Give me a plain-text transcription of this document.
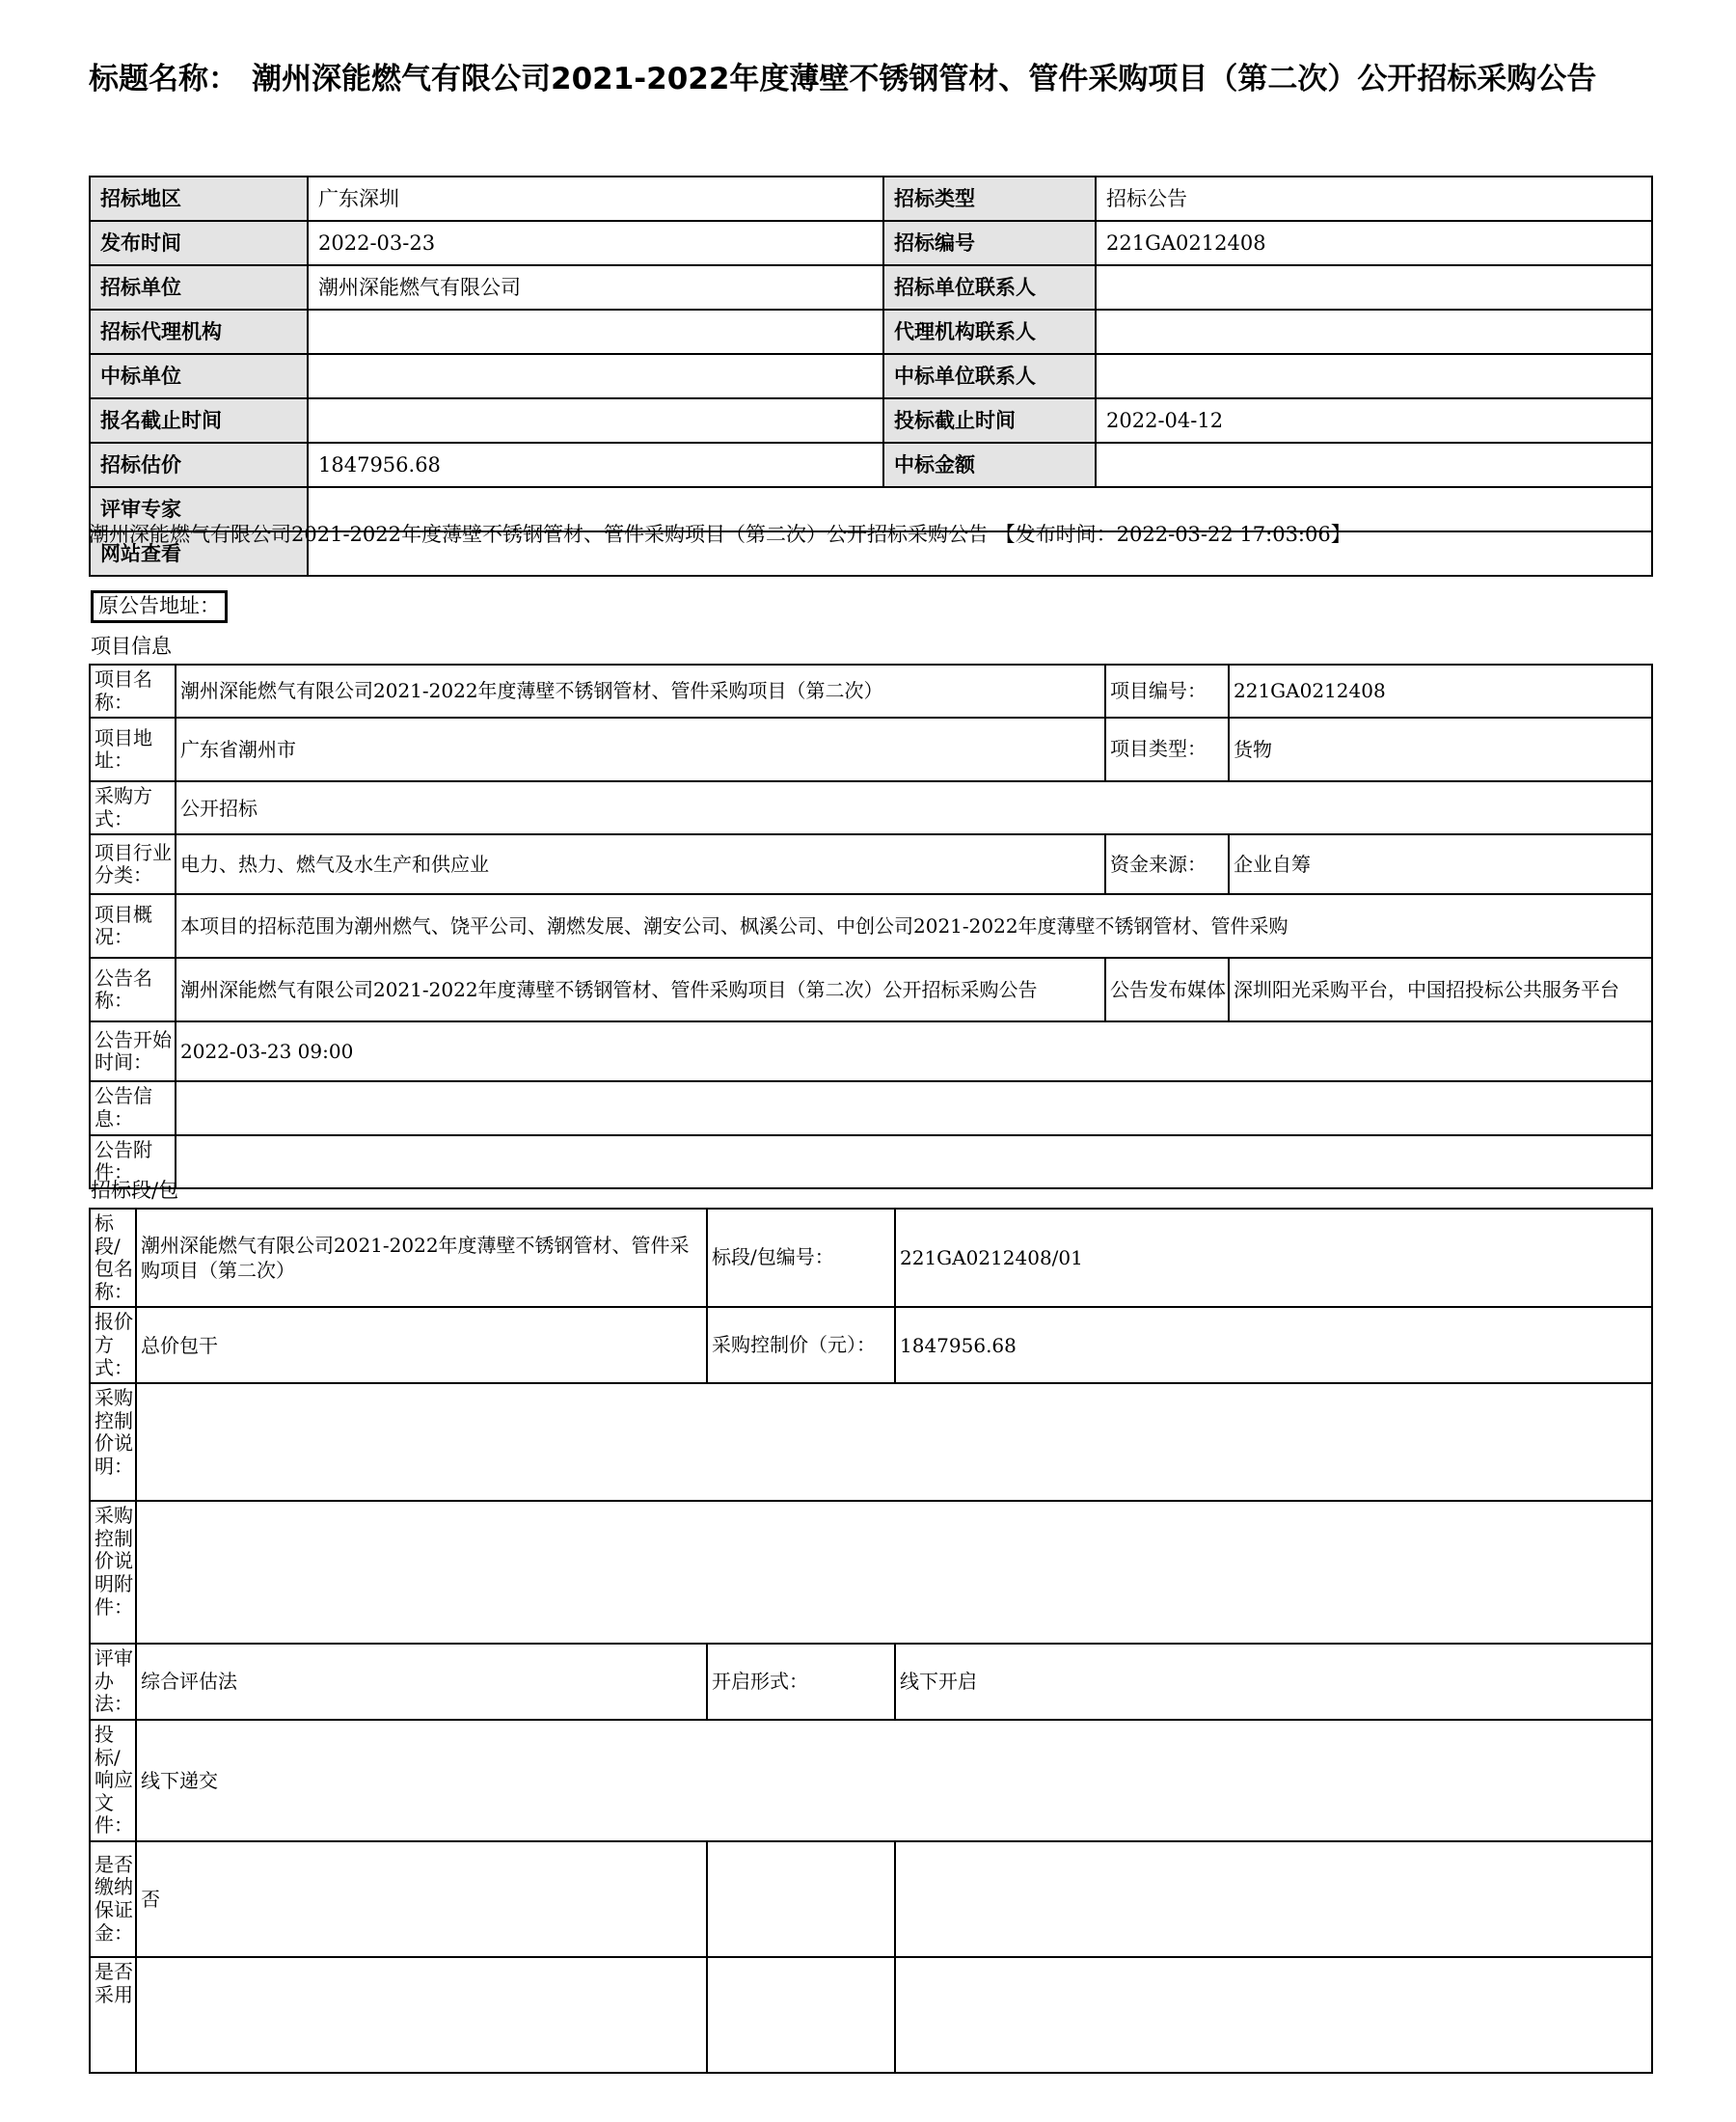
标题名称： 潮州深能燃气有限公司2021-2022年度薄壁不锈钢管材、管件采购项目（第二次）公开招标采购公告
招标地区	广东深圳	招标类型	招标公告
发布时间	2022-03-23	招标编号	221GA0212408
招标单位	潮州深能燃气有限公司	招标单位联系人	
招标代理机构		代理机构联系人	
中标单位		中标单位联系人	
报名截止时间		投标截止时间	2022-04-12
招标估价	1847956.68	中标金额	
评审专家			
网站查看			
潮州深能燃气有限公司2021-2022年度薄壁不锈钢管材、管件采购项目（第二次）公开招标采购公告 【发布时间：2022-03-22 17:03:06】
原公告地址：
项目信息
项目名称：	潮州深能燃气有限公司2021-2022年度薄壁不锈钢管材、管件采购项目（第二次）	项目编号：	221GA0212408
项目地址：	广东省潮州市	项目类型：	货物
采购方式：	公开招标		
项目行业分类：	电力、热力、燃气及水生产和供应业	资金来源：	企业自筹
项目概况：	本项目的招标范围为潮州燃气、饶平公司、潮燃发展、潮安公司、枫溪公司、中创公司2021-2022年度薄壁不锈钢管材、管件采购		
公告名称：	潮州深能燃气有限公司2021-2022年度薄壁不锈钢管材、管件采购项目（第二次）公开招标采购公告	公告发布媒体	深圳阳光采购平台，中国招投标公共服务平台
公告开始时间：	2022-03-23 09:00		
公告信息：			
公告附件：			
招标段/包
标段/包名称：	潮州深能燃气有限公司2021-2022年度薄壁不锈钢管材、管件采购项目（第二次）	标段/包编号：	221GA0212408/01
报价方式：	总价包干	采购控制价（元）：	1847956.68
采购控制价说明：			
采购控制价说明附件：			
评审办法：	综合评估法	开启形式：	线下开启
投标/响应文件：	线下递交		
是否缴纳保证金：	否		
是否采用			
